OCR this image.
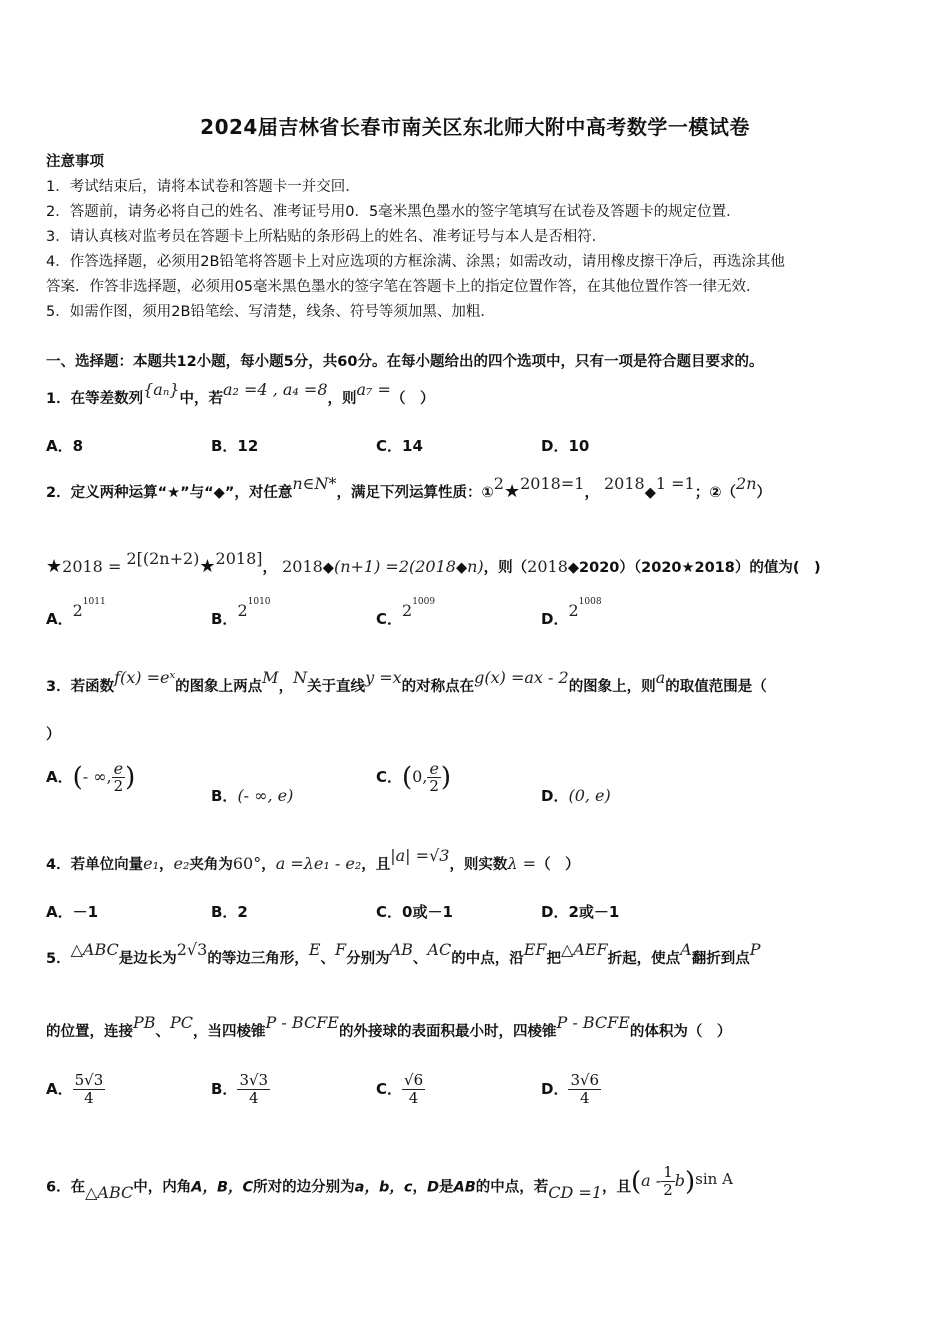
2024届吉林省长春市南关区东北师大附中高考数学一模试卷
注意事项
1．考试结束后，请将本试卷和答题卡一并交回．
2．答题前，请务必将自己的姓名、准考证号用0．5毫米黑色墨水的签字笔填写在试卷及答题卡的规定位置．
3．请认真核对监考员在答题卡上所粘贴的条形码上的姓名、准考证号与本人是否相符．
4．作答选择题，必须用2B铅笔将答题卡上对应选项的方框涂满、涂黑；如需改动，请用橡皮擦干净后，再选涂其他
答案．作答非选择题，必须用05毫米黑色墨水的签字笔在答题卡上的指定位置作答，在其他位置作答一律无效．
5．如需作图，须用2B铅笔绘、写清楚，线条、符号等须加黑、加粗．
一、选择题：本题共12小题，每小题5分，共60分。在每小题给出的四个选项中，只有一项是符合题目要求的。
1．在等差数列{aₙ}中，若a₂ =4 , a₄ =8，则a₇ =（　）
A．8	B．12	C．14	D．10
2．定义两种运算“★”与“◆”，对任意n∈N*，满足下列运算性质：①2★2018=1， 2018◆1 =1；②（2n）
★2018 = 2[(2n+2)★2018]， 2018◆(n+1) =2(2018◆n)，则（2018◆2020）（2020★2018）的值为(　)
A．$2^{1011}$
B．$2^{1010}$
C．$2^{1009}$
D．$2^{1008}$
3．若函数f(x) =eˣ的图象上两点M，N关于直线y =x的对称点在g(x) =ax - 2的图象上，则a的取值范围是（
）
A．(- ∞, $\frac{e}{2}$ )
B．(- ∞, e)
C．(0, $\frac{e}{2}$ )
D．(0, e)
4．若单位向量e₁，e₂夹角为60°，a =λe₁ - e₂，且|a| =√3，则实数λ =（　）
A．－1	B．2	C．0或－1	D．2或－1
5．△ABC是边长为2√3的等边三角形，E、F分别为AB、AC的中点，沿EF把△AEF折起，使点A翻折到点P
的位置，连接PB、PC，当四棱锥P - BCFE的外接球的表面积最小时，四棱锥P - BCFE的体积为（　）
A． $\frac{5√3}{4}$	B． $\frac{3√3}{4}$	C． $\frac{√6}{4}$	D． $\frac{3√6}{4}$
6．在△ABC中，内角A，B，C所对的边分别为a，b，c，D是AB的中点，若CD =1，且$(a - \frac{1}{2} b)\sin$ A
